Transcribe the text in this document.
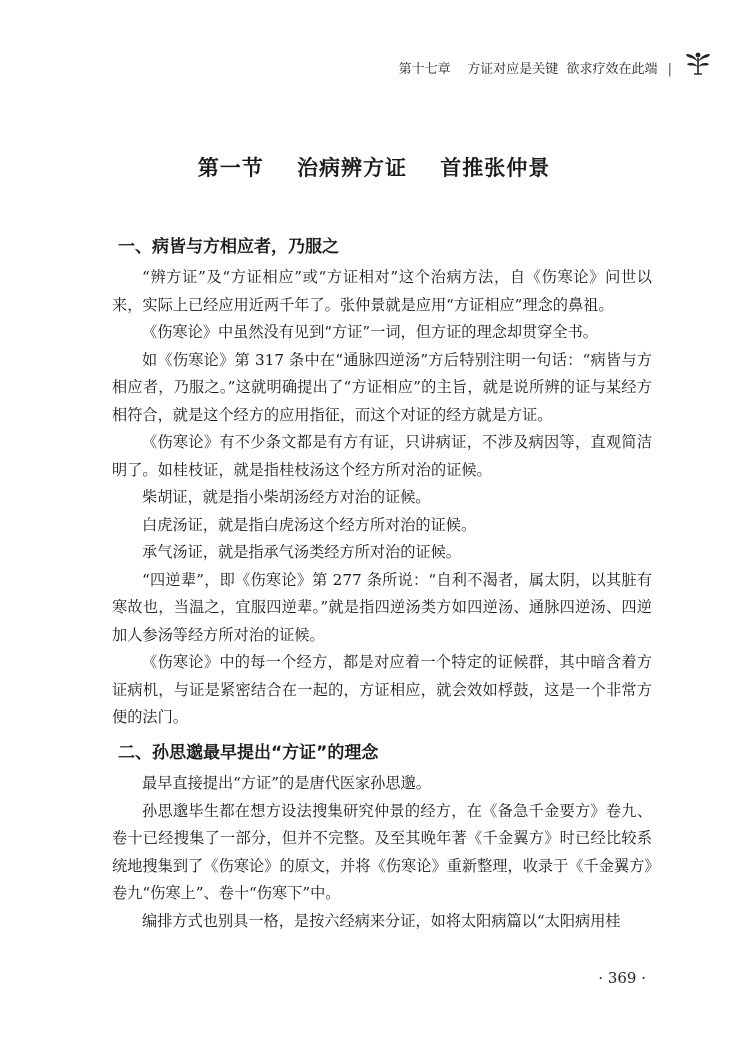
第十七章 方证对应是关键  欲求疗效在此端 |
第一节    治病辨方证    首推张仲景
一、病皆与方相应者，乃服之

“辨方证”及“方证相应”或“方证相对”这个治病方法，自《伤寒论》问世以来，实际上已经应用近两千年了。张仲景就是应用“方证相应”理念的鼻祖。

《伤寒论》中虽然没有见到“方证”一词，但方证的理念却贯穿全书。

如《伤寒论》第 317 条中在“通脉四逆汤”方后特别注明一句话：“病皆与方相应者，乃服之。”这就明确提出了“方证相应”的主旨，就是说所辨的证与某经方相符合，就是这个经方的应用指征，而这个对证的经方就是方证。

《伤寒论》有不少条文都是有方有证，只讲病证，不涉及病因等，直观简洁明了。如桂枝证，就是指桂枝汤这个经方所对治的证候。

柴胡证，就是指小柴胡汤经方对治的证候。

白虎汤证，就是指白虎汤这个经方所对治的证候。

承气汤证，就是指承气汤类经方所对治的证候。

“四逆辈”，即《伤寒论》第 277 条所说：“自利不渴者，属太阴，以其脏有寒故也，当温之，宜服四逆辈。”就是指四逆汤类方如四逆汤、通脉四逆汤、四逆加人参汤等经方所对治的证候。

《伤寒论》中的每一个经方，都是对应着一个特定的证候群，其中暗含着方证病机，与证是紧密结合在一起的，方证相应，就会效如桴鼓，这是一个非常方便的法门。

二、孙思邈最早提出“方证”的理念

最早直接提出“方证”的是唐代医家孙思邈。

孙思邈毕生都在想方设法搜集研究仲景的经方，在《备急千金要方》卷九、卷十已经搜集了一部分，但并不完整。及至其晚年著《千金翼方》时已经比较系统地搜集到了《伤寒论》的原文，并将《伤寒论》重新整理，收录于《千金翼方》卷九“伤寒上”、卷十“伤寒下”中。

编排方式也别具一格，是按六经病来分证，如将太阳病篇以“太阳病用桂

· 369 ·
